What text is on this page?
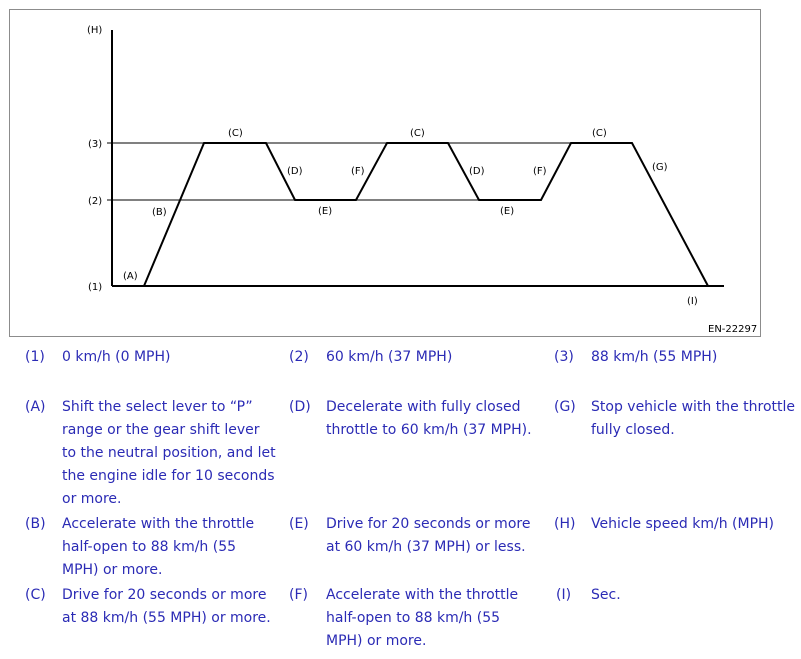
(H)
(I)
(3)
(2)
(1)
(A)
(B)
(C)
(D)
(E)
(F)
(C)
(D)
(E)
(F)
(C)
(G)
EN-22297
(1) 0 km/h (0 MPH)	(2) 60 km/h (37 MPH)	(3) 88 km/h (55 MPH)
(A) Shift the select lever to “P”
range or the gear shift lever
to the neutral position, and let
the engine idle for 10 seconds
or more.
(D) Decelerate with fully closed
throttle to 60 km/h (37 MPH).
(G) Stop vehicle with the throttle
fully closed.
(B) Accelerate with the throttle
half-open to 88 km/h (55
MPH) or more.
(E) Drive for 20 seconds or more
at 60 km/h (37 MPH) or less.
(H) Vehicle speed km/h (MPH)
(C) Drive for 20 seconds or more
at 88 km/h (55 MPH) or more.
(F) Accelerate with the throttle
half-open to 88 km/h (55
MPH) or more.
(I) Sec.
